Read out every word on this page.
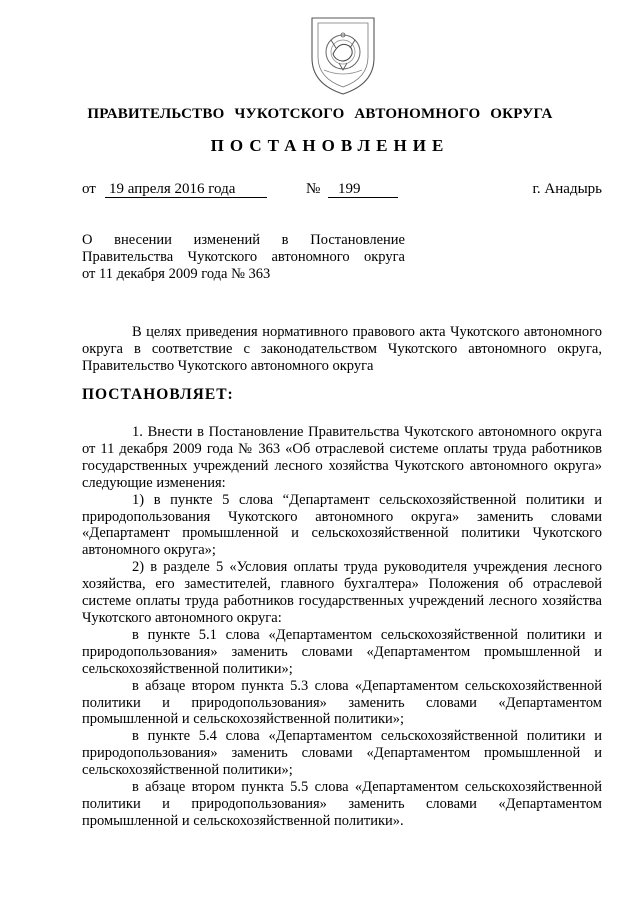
ПРАВИТЕЛЬСТВО ЧУКОТСКОГО АВТОНОМНОГО ОКРУГА
ПОСТАНОВЛЕНИЕ
от 19 апреля 2016 года	№ 199	г. Анадырь
О внесении изменений в Постановление
Правительства Чукотского автономного округа
от 11 декабря 2009 года № 363
В целях приведения нормативного правового акта Чукотского автономного округа в соответствие с законодательством Чукотского автономного округа, Правительство Чукотского автономного округа
ПОСТАНОВЛЯЕТ:

1. Внести в Постановление Правительства Чукотского автономного округа от 11 декабря 2009 года № 363 «Об отраслевой системе оплаты труда работников государственных учреждений лесного хозяйства Чукотского автономного округа» следующие изменения:

1) в пункте 5 слова “Департамент сельскохозяйственной политики и природопользования Чукотского автономного округа» заменить словами «Департамент промышленной и сельскохозяйственной политики Чукотского автономного округа»;

2) в разделе 5 «Условия оплаты труда руководителя учреждения лесного хозяйства, его заместителей, главного бухгалтера» Положения об отраслевой системе оплаты труда работников государственных учреждений лесного хозяйства Чукотского автономного округа:

в пункте 5.1 слова «Департаментом сельскохозяйственной политики и природопользования» заменить словами «Департаментом промышленной и сельскохозяйственной политики»;

в абзаце втором пункта 5.3 слова «Департаментом сельскохозяйственной политики и природопользования» заменить словами «Департаментом промышленной и сельскохозяйственной политики»;

в пункте 5.4 слова «Департаментом сельскохозяйственной политики и природопользования» заменить словами «Департаментом промышленной и сельскохозяйственной политики»;

в абзаце втором пункта 5.5 слова «Департаментом сельскохозяйственной политики и природопользования» заменить словами «Департаментом промышленной и сельскохозяйственной политики».
